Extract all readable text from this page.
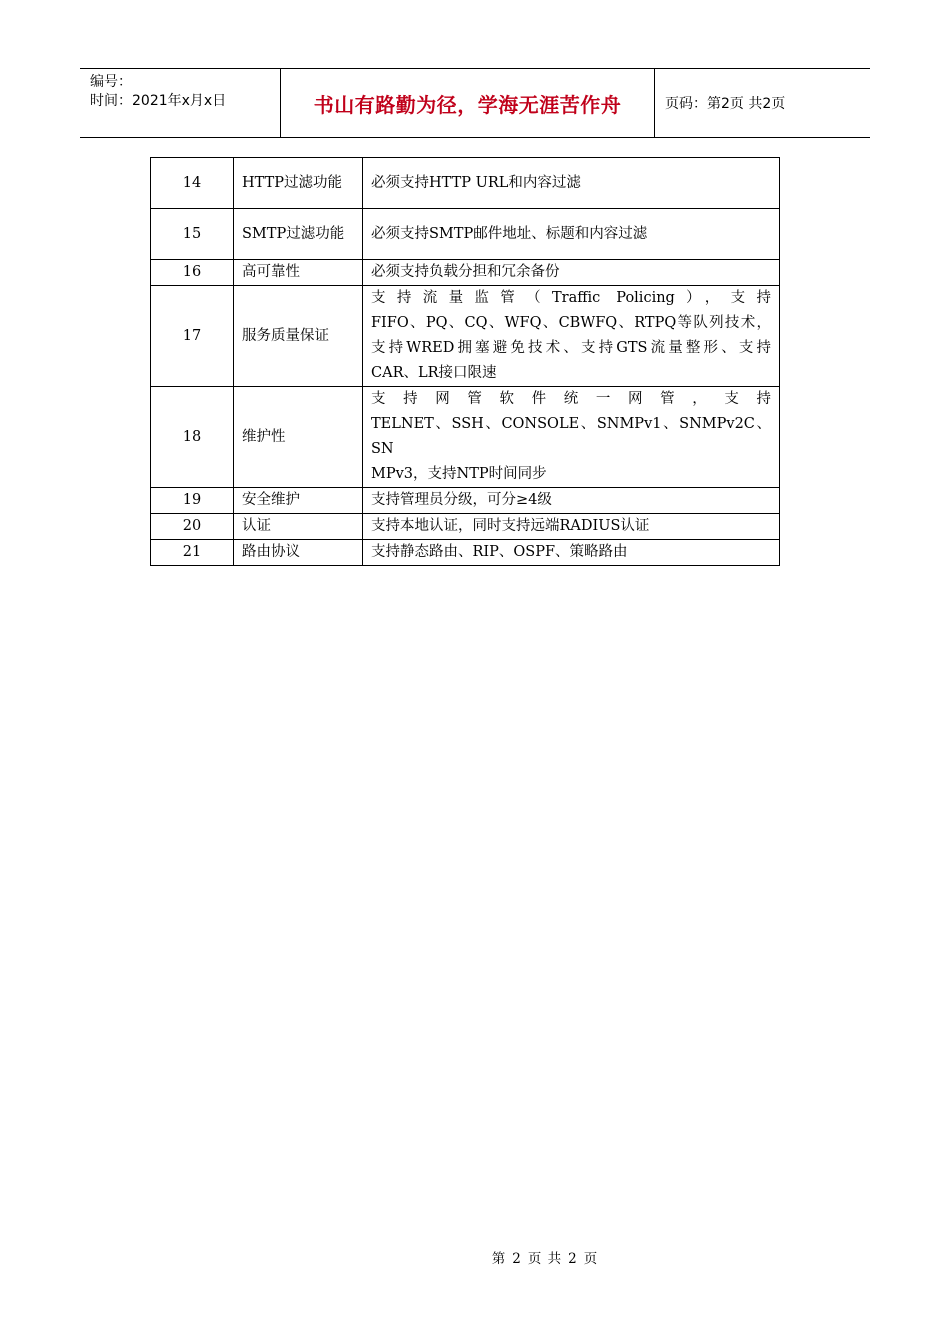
编号：
时间：2021年x月x日	书山有路勤为径，学海无涯苦作舟	页码：第2页 共2页
14	HTTP过滤功能	必须支持HTTP URL和内容过滤
15	SMTP过滤功能	必须支持SMTP邮件地址、标题和内容过滤
16	高可靠性	必须支持负载分担和冗余备份
17	服务质量保证	支持流量监管（Traffic Policing），支持
FIFO、PQ、CQ、WFQ、CBWFQ、RTPQ等队列技术，
支持WRED拥塞避免技术、支持GTS流量整形、支持

CAR、LR接口限速

18	维护性	支持网管软件统一网管，支持
TELNET、SSH、CONSOLE、SNMPv1、SNMPv2C、SN

MPv3，支持NTP时间同步

19	安全维护	支持管理员分级，可分≥4级
20	认证	支持本地认证，同时支持远端RADIUS认证
21	路由协议	支持静态路由、RIP、OSPF、策略路由
第 2 页 共 2 页
